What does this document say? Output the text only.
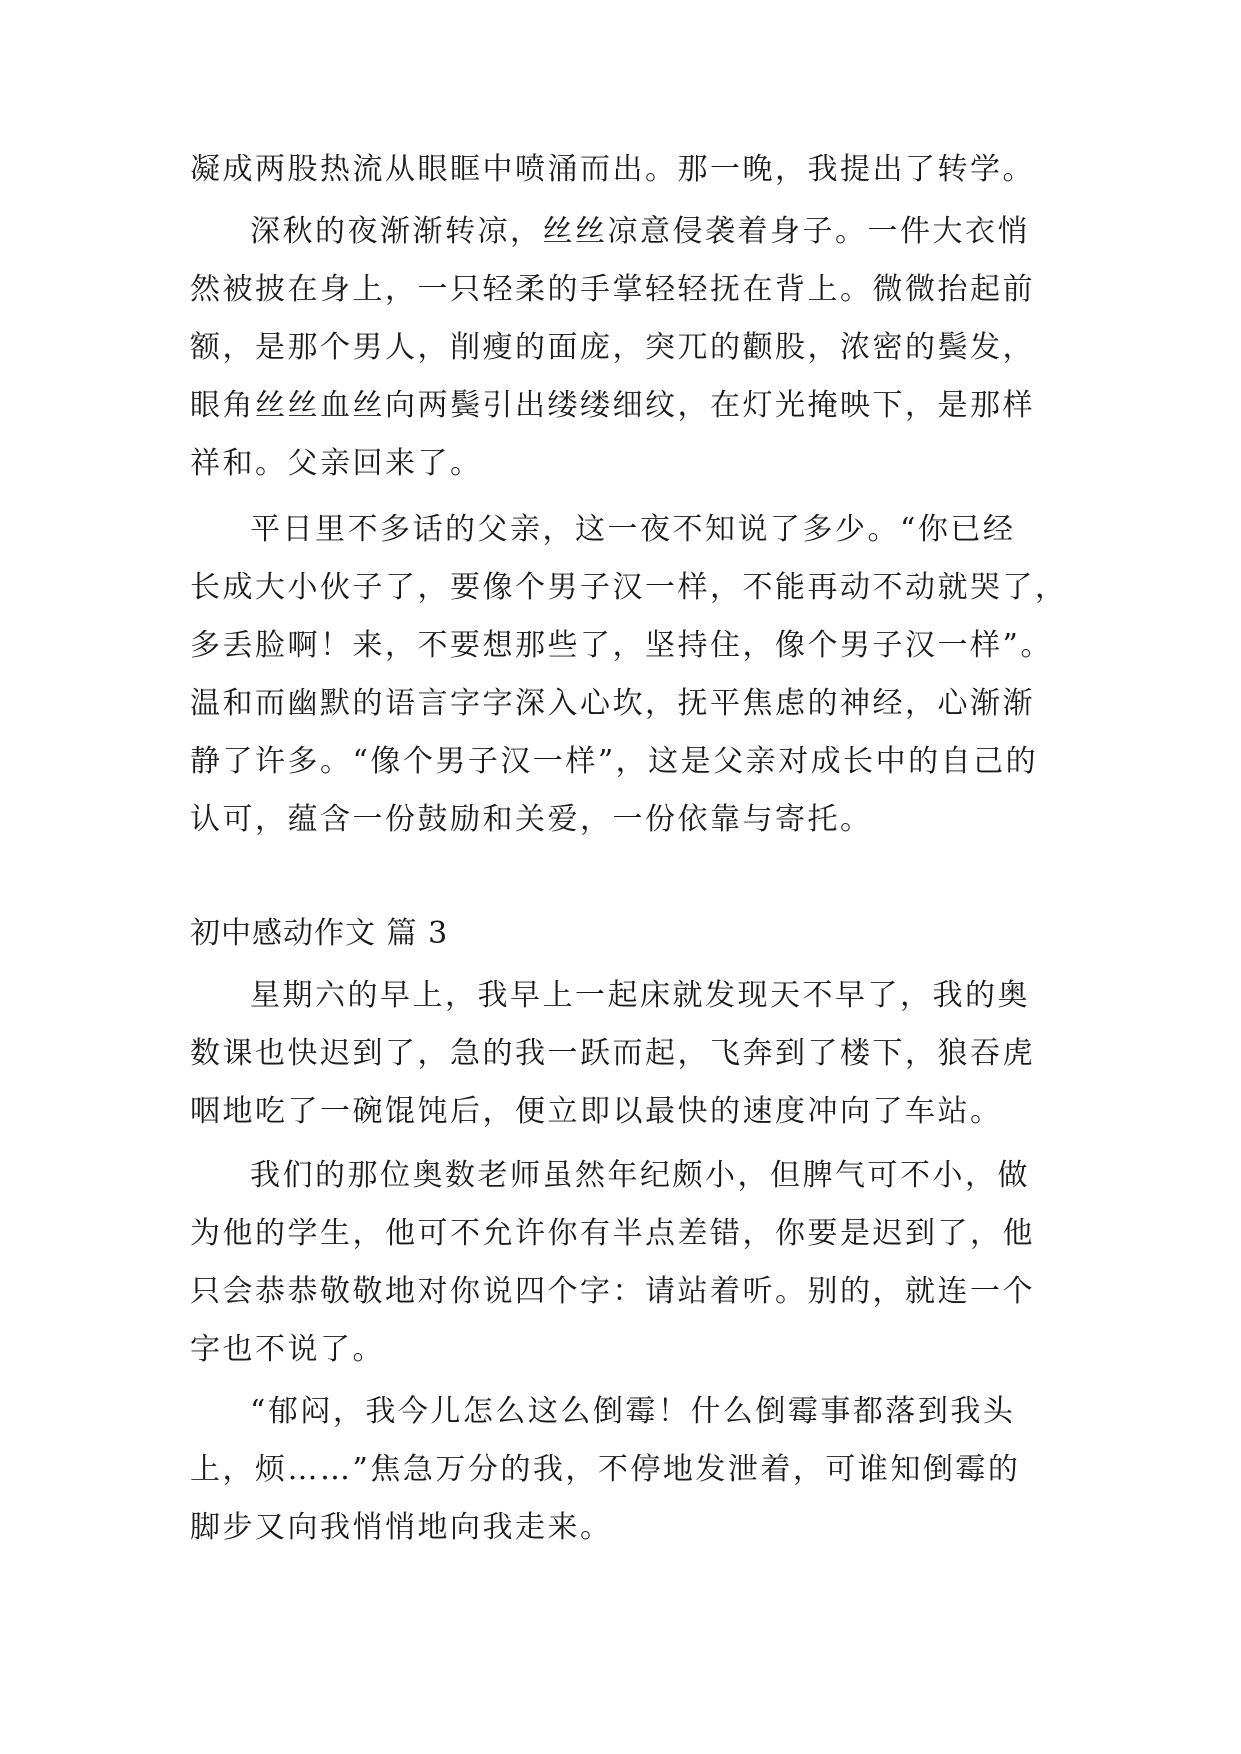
凝成两股热流从眼眶中喷涌而出。那一晚，我提出了转学。
深秋的夜渐渐转凉，丝丝凉意侵袭着身子。一件大衣悄
然被披在身上，一只轻柔的手掌轻轻抚在背上。微微抬起前
额，是那个男人，削瘦的面庞，突兀的颧股，浓密的鬓发，
眼角丝丝血丝向两鬓引出缕缕细纹，在灯光掩映下，是那样
祥和。父亲回来了。
平日里不多话的父亲，这一夜不知说了多少。“你已经
长成大小伙子了，要像个男子汉一样，不能再动不动就哭了，
多丢脸啊！来，不要想那些了，坚持住，像个男子汉一样”。
温和而幽默的语言字字深入心坎，抚平焦虑的神经，心渐渐
静了许多。“像个男子汉一样”，这是父亲对成长中的自己的
认可，蕴含一份鼓励和关爱，一份依靠与寄托。
初中感动作文 篇 3
星期六的早上，我早上一起床就发现天不早了，我的奥
数课也快迟到了，急的我一跃而起，飞奔到了楼下，狼吞虎
咽地吃了一碗馄饨后，便立即以最快的速度冲向了车站。
我们的那位奥数老师虽然年纪颇小，但脾气可不小，做
为他的学生，他可不允许你有半点差错，你要是迟到了，他
只会恭恭敬敬地对你说四个字：请站着听。别的，就连一个
字也不说了。
“郁闷，我今儿怎么这么倒霉！什么倒霉事都落到我头
上，烦……”焦急万分的我，不停地发泄着，可谁知倒霉的
脚步又向我悄悄地向我走来。
